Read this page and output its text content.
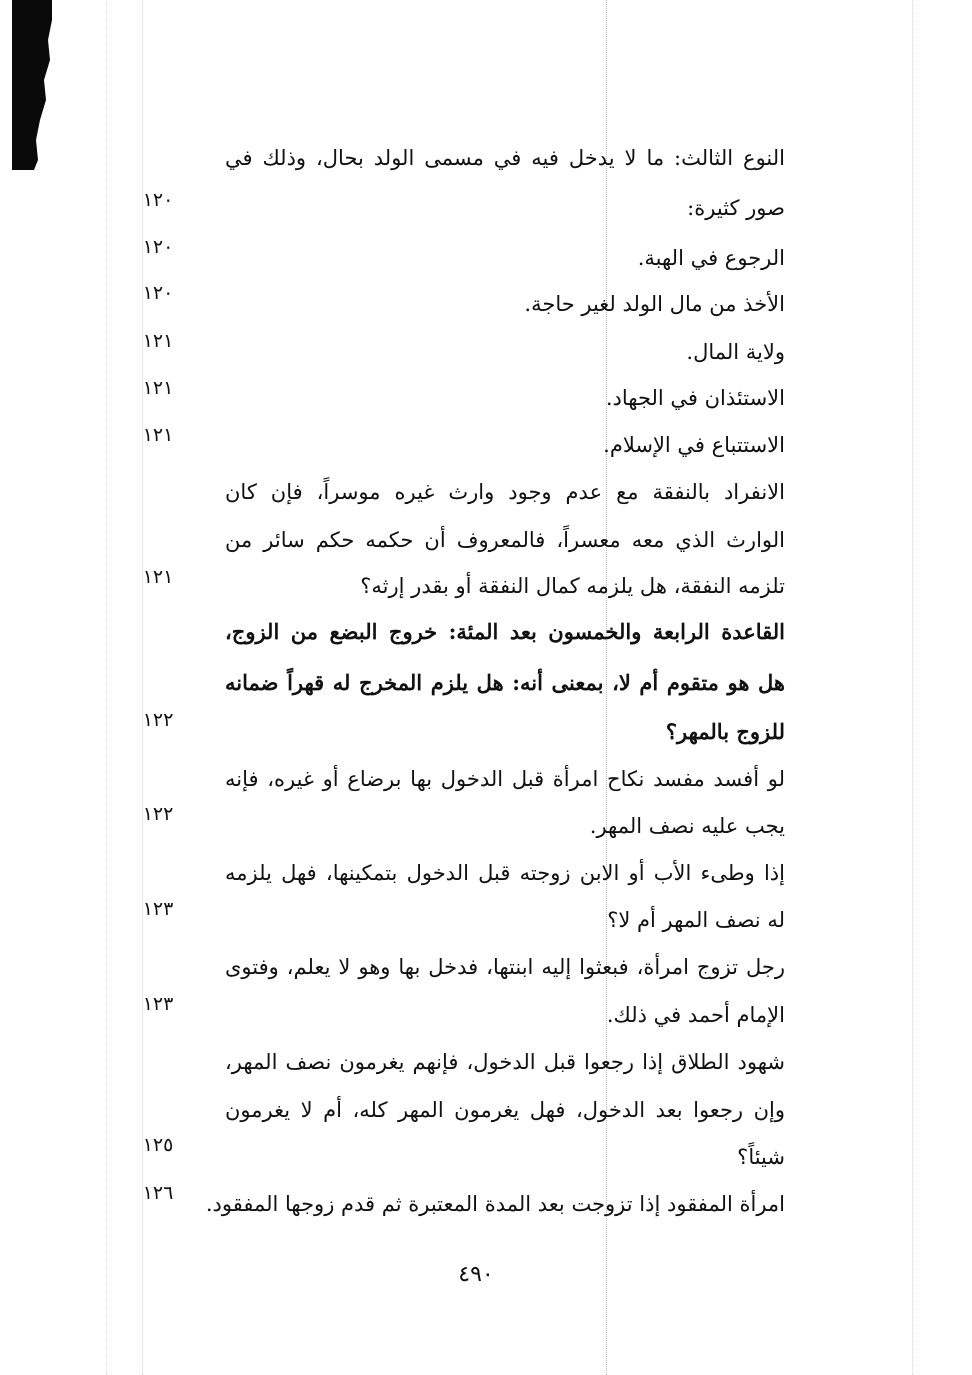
النوع الثالث: ما لا يدخل فيه في مسمى الولد بحال، وذلك في
صور كثيرة:
الرجوع في الهبة.
الأخذ من مال الولد لغير حاجة.
ولاية المال.
الاستئذان في الجهاد.
الاستتباع في الإسلام.
الانفراد بالنفقة مع عدم وجود وارث غيره موسراً، فإن كان
الوارث الذي معه معسراً، فالمعروف أن حكمه حكم سائر من
تلزمه النفقة، هل يلزمه كمال النفقة أو بقدر إرثه؟
القاعدة الرابعة والخمسون بعد المئة: خروج البضع من الزوج،
هل هو متقوم أم لا، بمعنى أنه: هل يلزم المخرج له قهراً ضمانه
للزوج بالمهر؟
لو أفسد مفسد نكاح امرأة قبل الدخول بها برضاع أو غيره، فإنه
يجب عليه نصف المهر.
إذا وطىء الأب أو الابن زوجته قبل الدخول بتمكينها، فهل يلزمه
له نصف المهر أم لا؟
رجل تزوج امرأة، فبعثوا إليه ابنتها، فدخل بها وهو لا يعلم، وفتوى
الإمام أحمد في ذلك.
شهود الطلاق إذا رجعوا قبل الدخول، فإنهم يغرمون نصف المهر،
وإن رجعوا بعد الدخول، فهل يغرمون المهر كله، أم لا يغرمون
شيئاً؟
امرأة المفقود إذا تزوجت بعد المدة المعتبرة ثم قدم زوجها المفقود.
١٢٠
١٢٠
١٢٠
١٢١
١٢١
١٢١
١٢١
١٢٢
١٢٢
١٢٣
١٢٣
١٢٥
١٢٦
٤٩٠
